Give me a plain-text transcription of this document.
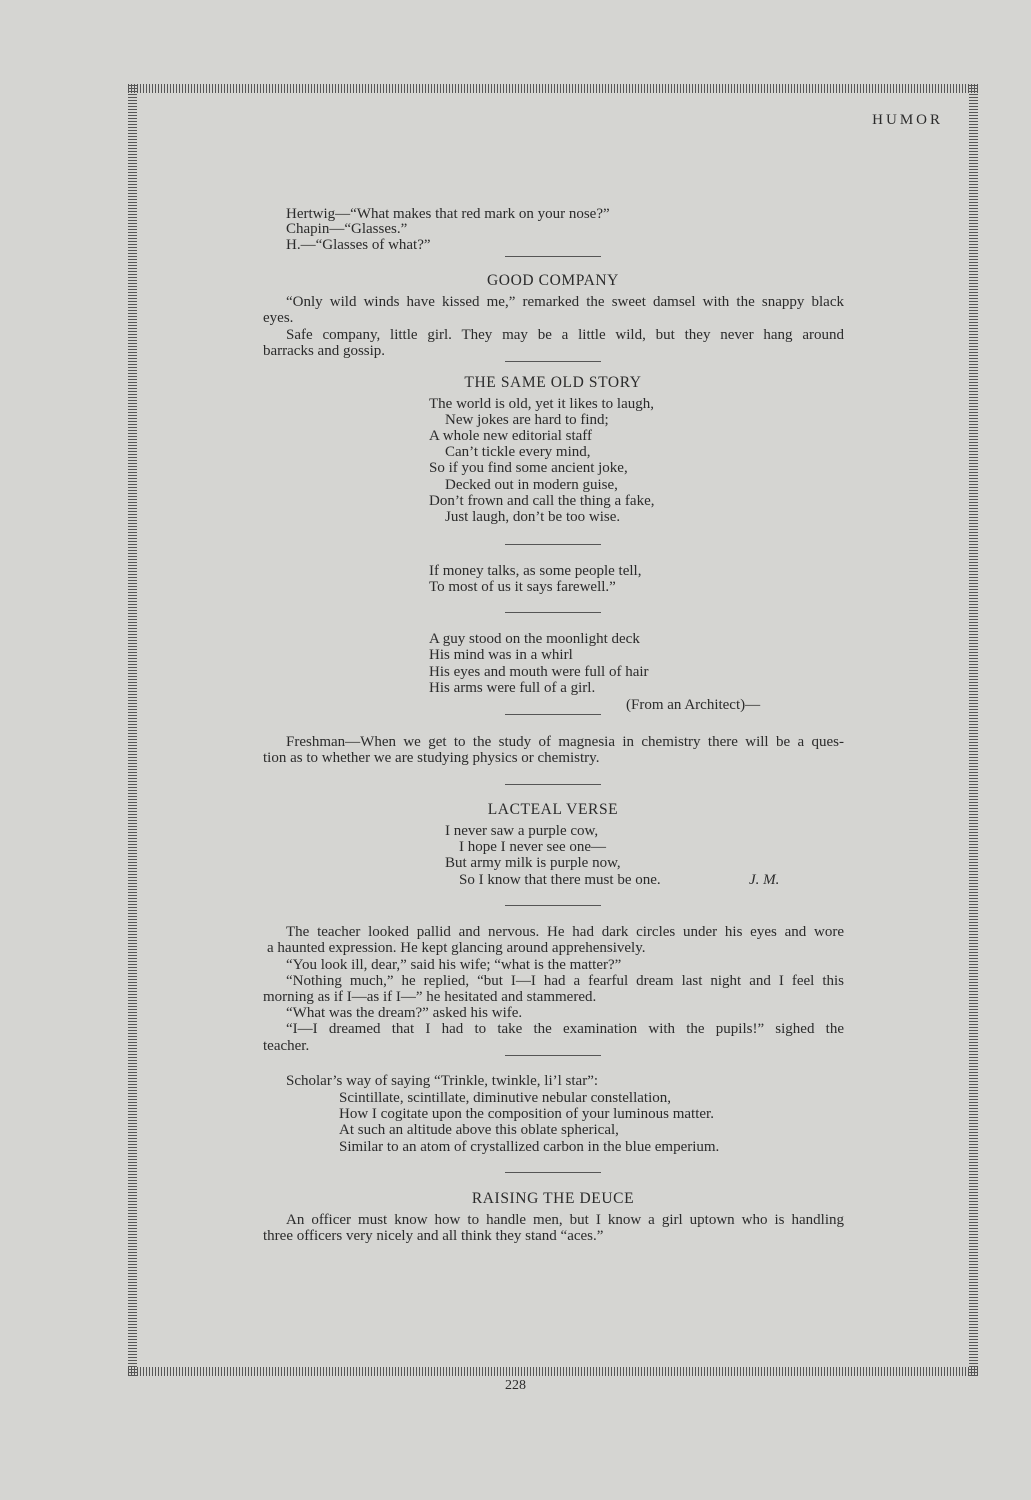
HUMOR
Hertwig—“What makes that red mark on your nose?”
Chapin—“Glasses.”
H.—“Glasses of what?”
GOOD COMPANY
“Only wild winds have kissed me,” remarked the sweet damsel with the snappy black
eyes.
Safe company, little girl. They may be a little wild, but they never hang around
barracks and gossip.
THE SAME OLD STORY
The world is old, yet it likes to laugh,
New jokes are hard to find;
A whole new editorial staff
Can’t tickle every mind,
So if you find some ancient joke,
Decked out in modern guise,
Don’t frown and call the thing a fake,
Just laugh, don’t be too wise.
If money talks, as some people tell,
To most of us it says farewell.”
A guy stood on the moonlight deck
His mind was in a whirl
His eyes and mouth were full of hair
His arms were full of a girl.
(From an Architect)—
Freshman—When we get to the study of magnesia in chemistry there will be a ques-
tion as to whether we are studying physics or chemistry.
LACTEAL VERSE
I never saw a purple cow,
I hope I never see one—
But army milk is purple now,
So I know that there must be one.	J. M.
The teacher looked pallid and nervous. He had dark circles under his eyes and wore
a haunted expression. He kept glancing around apprehensively.
“You look ill, dear,” said his wife; “what is the matter?”
“Nothing much,” he replied, “but I—I had a fearful dream last night and I feel this
morning as if I—as if I—” he hesitated and stammered.
“What was the dream?” asked his wife.
“I—I dreamed that I had to take the examination with the pupils!” sighed the
teacher.
Scholar’s way of saying “Trinkle, twinkle, li’l star”:
Scintillate, scintillate, diminutive nebular constellation,
How I cogitate upon the composition of your luminous matter.
At such an altitude above this oblate spherical,
Similar to an atom of crystallized carbon in the blue emperium.
RAISING THE DEUCE
An officer must know how to handle men, but I know a girl uptown who is handling
three officers very nicely and all think they stand “aces.”
228
